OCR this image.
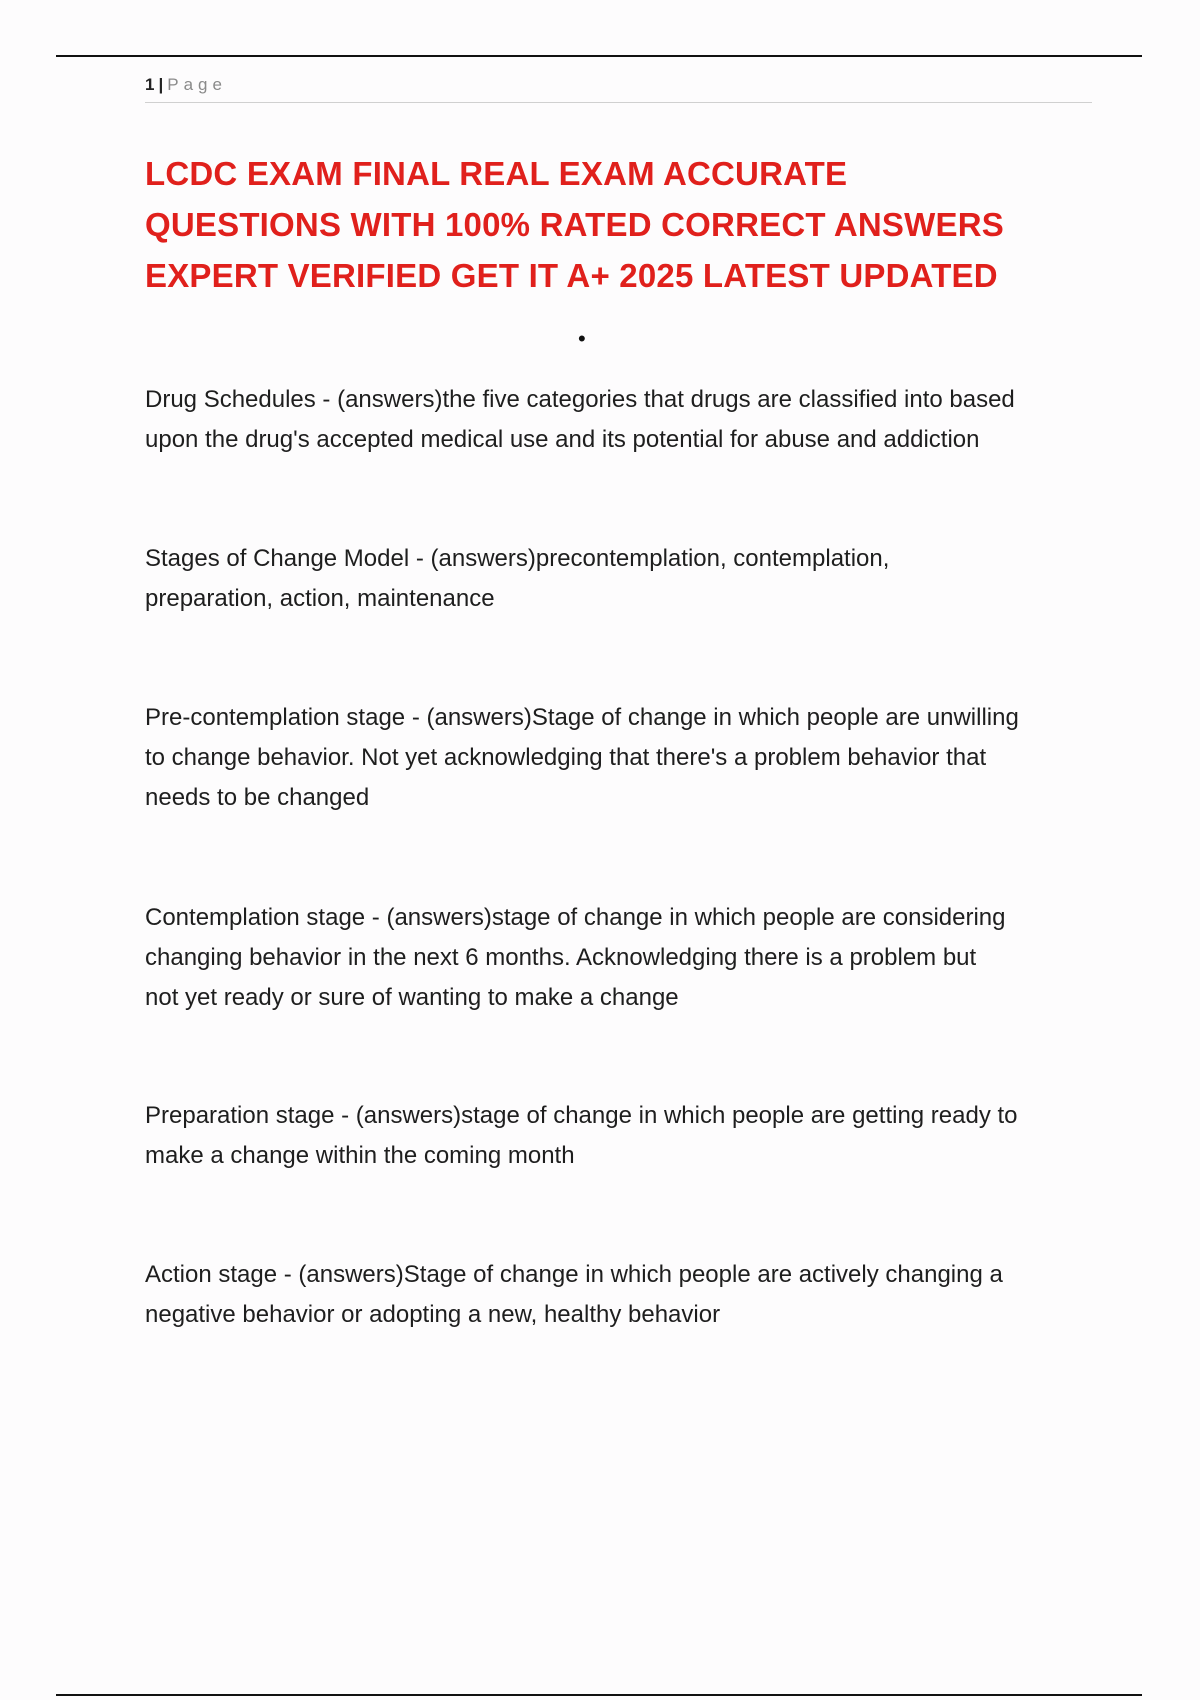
1 | Page
LCDC EXAM FINAL REAL EXAM ACCURATE
QUESTIONS WITH 100% RATED CORRECT ANSWERS
EXPERT VERIFIED GET IT A+ 2025 LATEST UPDATED
•

Drug Schedules - (answers)the five categories that drugs are classified into based
upon the drug's accepted medical use and its potential for abuse and addiction

Stages of Change Model - (answers)precontemplation, contemplation,
preparation, action, maintenance

Pre-contemplation stage - (answers)Stage of change in which people are unwilling
to change behavior. Not yet acknowledging that there's a problem behavior that
needs to be changed

Contemplation stage - (answers)stage of change in which people are considering
changing behavior in the next 6 months. Acknowledging there is a problem but
not yet ready or sure of wanting to make a change

Preparation stage - (answers)stage of change in which people are getting ready to
make a change within the coming month

Action stage - (answers)Stage of change in which people are actively changing a
negative behavior or adopting a new, healthy behavior
